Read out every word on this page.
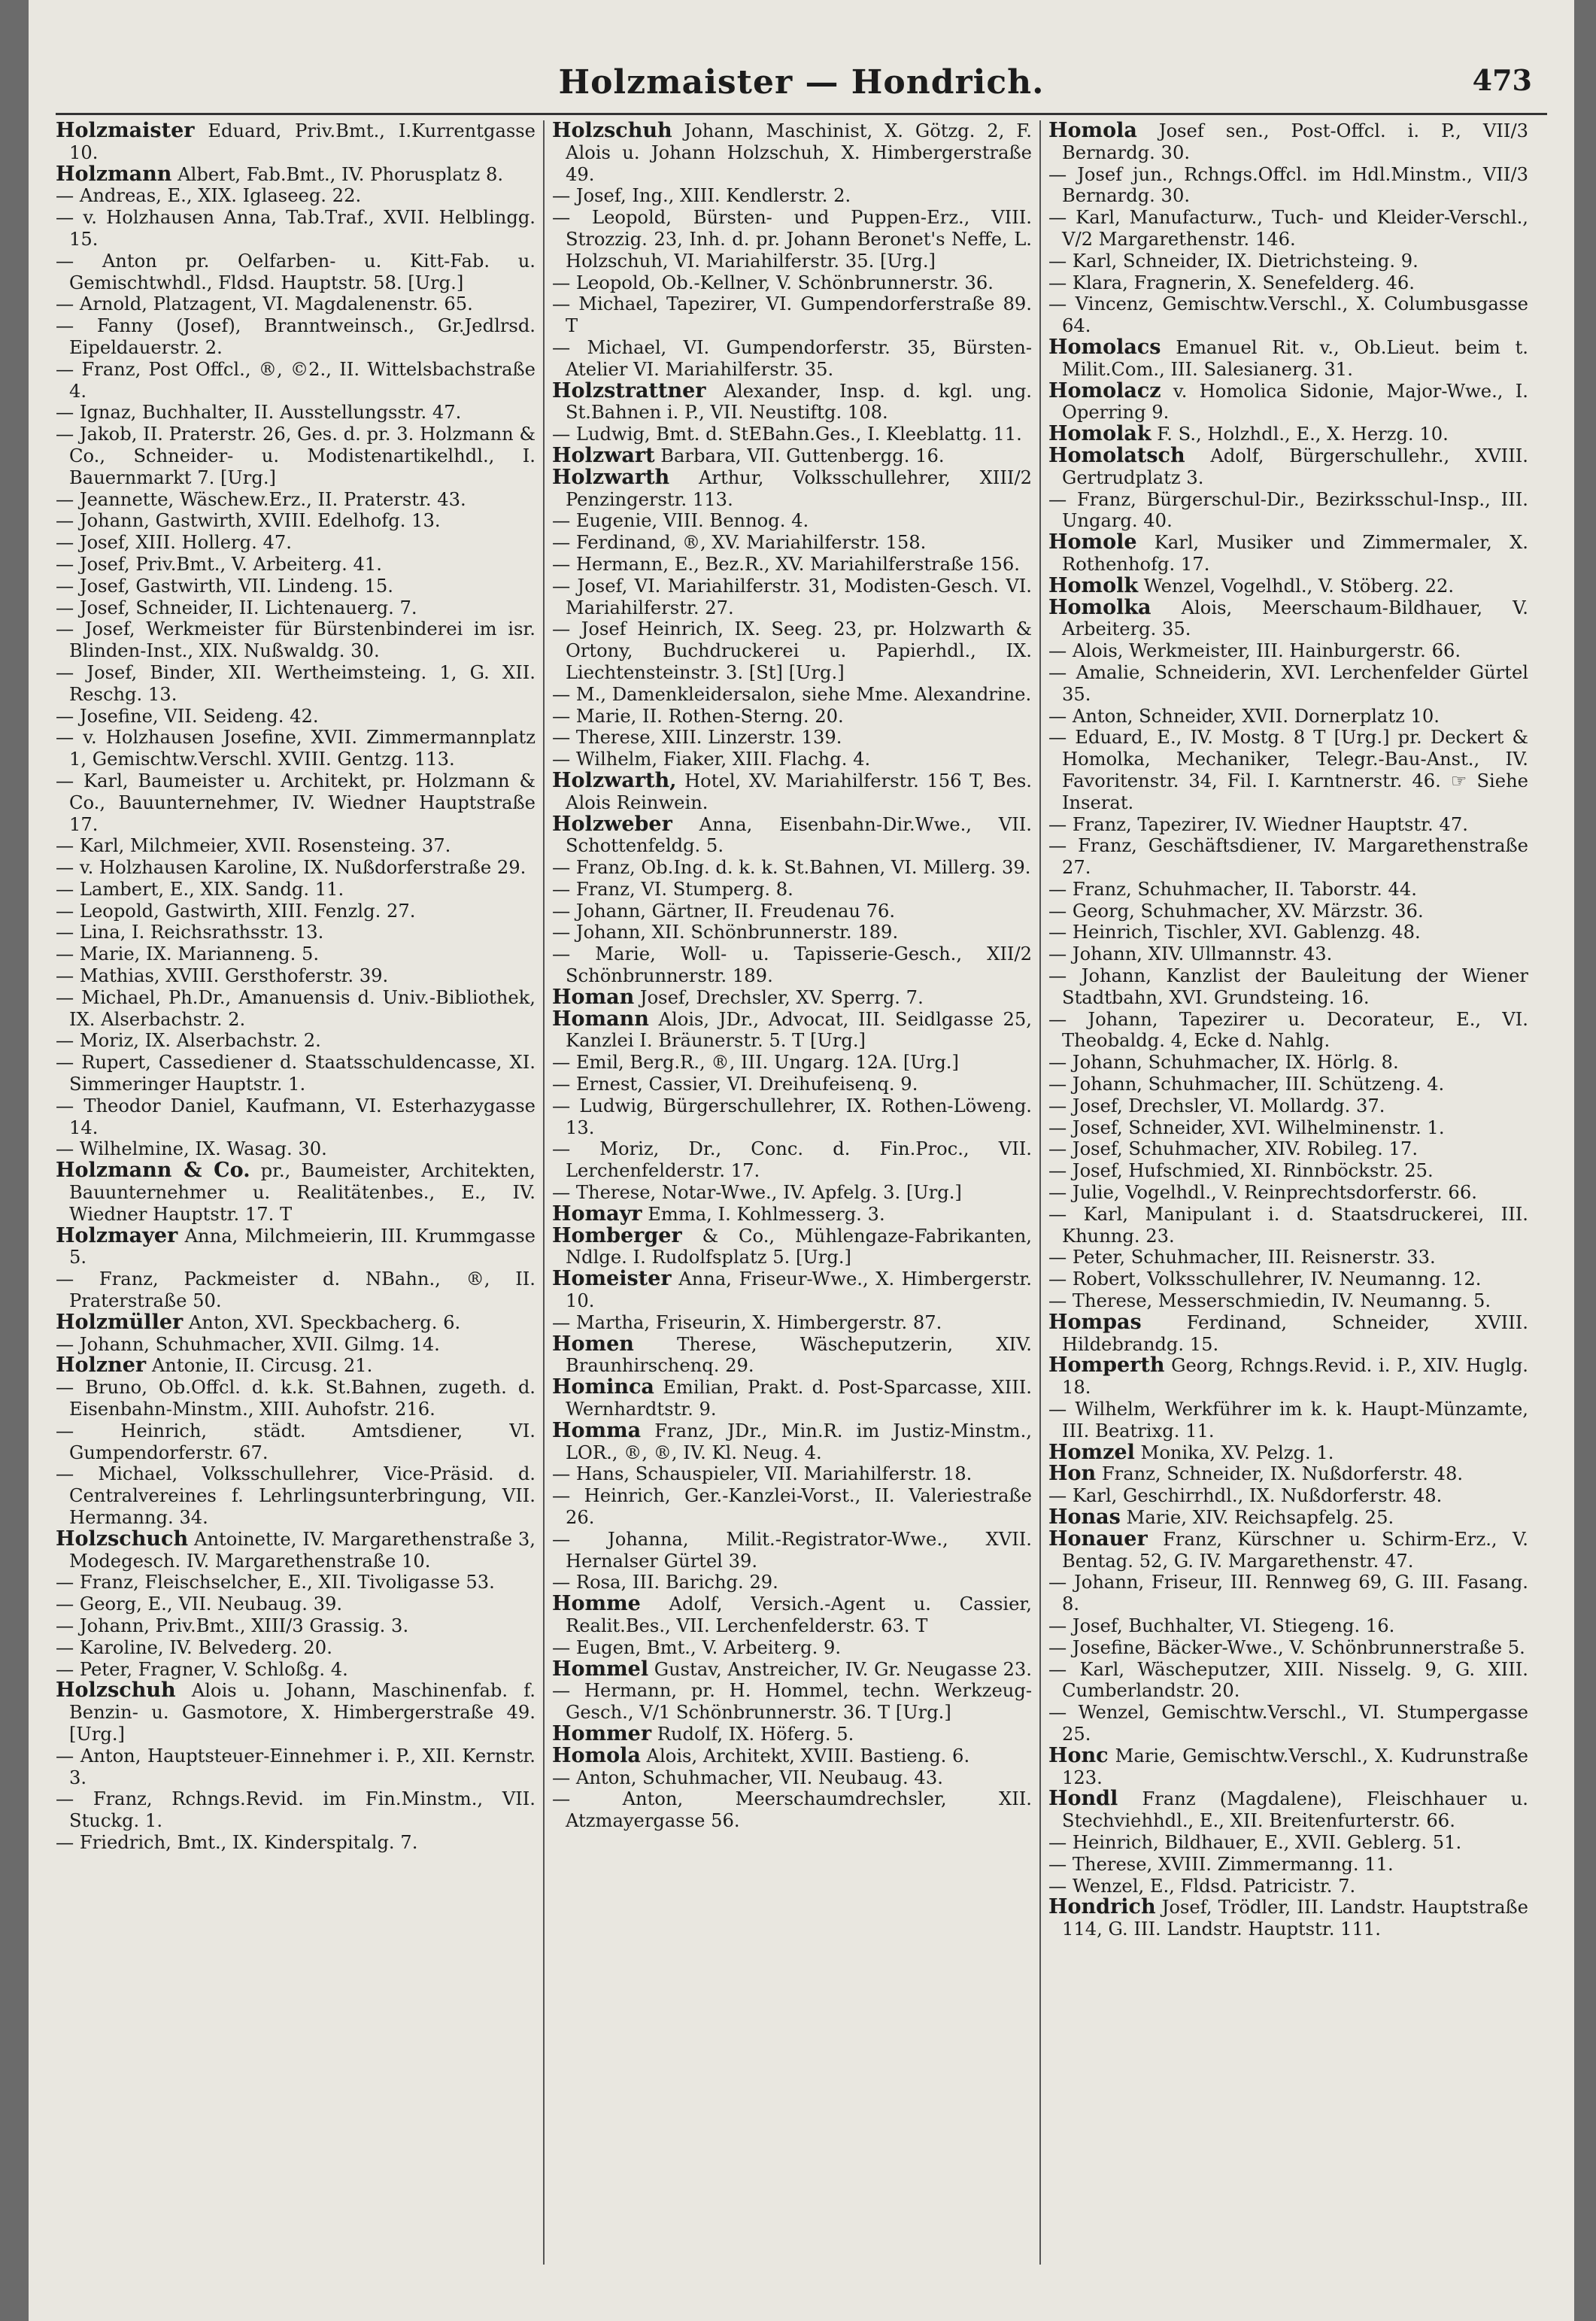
Holzmaister — Hondrich.	473

Holzmaister Eduard, Priv.Bmt., I.Kurrentgasse 10.

Holzmann Albert, Fab.Bmt., IV. Phorusplatz 8.

— Andreas, E., XIX. Iglaseeg. 22.

— v. Holzhausen Anna, Tab.Traf., XVII. Helblingg. 15.

— Anton pr. Oelfarben- u. Kitt-Fab. u. Gemischtwhdl., Fldsd. Hauptstr. 58. [Urg.]

— Arnold, Platzagent, VI. Magdalenenstr. 65.

— Fanny (Josef), Branntweinsch., Gr.Jedlrsd. Eipeldauerstr. 2.

— Franz, Post Offcl., ®, ©2., II. Wittelsbachstraße 4.

— Ignaz, Buchhalter, II. Ausstellungsstr. 47.

— Jakob, II. Praterstr. 26, Ges. d. pr. 3. Holzmann & Co., Schneider- u. Modistenartikelhdl., I. Bauernmarkt 7. [Urg.]

— Jeannette, Wäschew.Erz., II. Praterstr. 43.

— Johann, Gastwirth, XVIII. Edelhofg. 13.

— Josef, XIII. Hollerg. 47.

— Josef, Priv.Bmt., V. Arbeiterg. 41.

— Josef, Gastwirth, VII. Lindeng. 15.

— Josef, Schneider, II. Lichtenauerg. 7.

— Josef, Werkmeister für Bürstenbinderei im isr. Blinden-Inst., XIX. Nußwaldg. 30.

— Josef, Binder, XII. Wertheimsteing. 1, G. XII. Reschg. 13.

— Josefine, VII. Seideng. 42.

— v. Holzhausen Josefine, XVII. Zimmermannplatz 1, Gemischtw.Verschl. XVIII. Gentzg. 113.

— Karl, Baumeister u. Architekt, pr. Holzmann & Co., Bauunternehmer, IV. Wiedner Hauptstraße 17.

— Karl, Milchmeier, XVII. Rosensteing. 37.

— v. Holzhausen Karoline, IX. Nußdorferstraße 29.

— Lambert, E., XIX. Sandg. 11.

— Leopold, Gastwirth, XIII. Fenzlg. 27.

— Lina, I. Reichsrathsstr. 13.

— Marie, IX. Marianneng. 5.

— Mathias, XVIII. Gersthoferstr. 39.

— Michael, Ph.Dr., Amanuensis d. Univ.-Bibliothek, IX. Alserbachstr. 2.

— Moriz, IX. Alserbachstr. 2.

— Rupert, Cassediener d. Staatsschuldencasse, XI. Simmeringer Hauptstr. 1.

— Theodor Daniel, Kaufmann, VI. Esterhazygasse 14.

— Wilhelmine, IX. Wasag. 30.

Holzmann & Co. pr., Baumeister, Architekten, Bauunternehmer u. Realitätenbes., E., IV. Wiedner Hauptstr. 17. T

Holzmayer Anna, Milchmeierin, III. Krummgasse 5.

— Franz, Packmeister d. NBahn., ®, II. Praterstraße 50.

Holzmüller Anton, XVI. Speckbacherg. 6.

— Johann, Schuhmacher, XVII. Gilmg. 14.

Holzner Antonie, II. Circusg. 21.

— Bruno, Ob.Offcl. d. k.k. St.Bahnen, zugeth. d. Eisenbahn-Minstm., XIII. Auhofstr. 216.

— Heinrich, städt. Amtsdiener, VI. Gumpendorferstr. 67.

— Michael, Volksschullehrer, Vice-Präsid. d. Centralvereines f. Lehrlingsunterbringung, VII. Hermanng. 34.

Holzschuch Antoinette, IV. Margarethenstraße 3, Modegesch. IV. Margarethenstraße 10.

— Franz, Fleischselcher, E., XII. Tivoligasse 53.

— Georg, E., VII. Neubaug. 39.

— Johann, Priv.Bmt., XIII/3 Grassig. 3.

— Karoline, IV. Belvederg. 20.

— Peter, Fragner, V. Schloßg. 4.

Holzschuh Alois u. Johann, Maschinenfab. f. Benzin- u. Gasmotore, X. Himbergerstraße 49. [Urg.]

— Anton, Hauptsteuer-Einnehmer i. P., XII. Kernstr. 3.

— Franz, Rchngs.Revid. im Fin.Minstm., VII. Stuckg. 1.

— Friedrich, Bmt., IX. Kinderspitalg. 7.

Holzschuh Johann, Maschinist, X. Götzg. 2, F. Alois u. Johann Holzschuh, X. Himbergerstraße 49.

— Josef, Ing., XIII. Kendlerstr. 2.

— Leopold, Bürsten- und Puppen-Erz., VIII. Strozzig. 23, Inh. d. pr. Johann Beronet's Neffe, L. Holzschuh, VI. Mariahilferstr. 35. [Urg.]

— Leopold, Ob.-Kellner, V. Schönbrunnerstr. 36.

— Michael, Tapezirer, VI. Gumpendorferstraße 89. T

— Michael, VI. Gumpendorferstr. 35, Bürsten-Atelier VI. Mariahilferstr. 35.

Holzstrattner Alexander, Insp. d. kgl. ung. St.Bahnen i. P., VII. Neustiftg. 108.

— Ludwig, Bmt. d. StEBahn.Ges., I. Kleeblattg. 11.

Holzwart Barbara, VII. Guttenbergg. 16.

Holzwarth Arthur, Volksschullehrer, XIII/2 Penzingerstr. 113.

— Eugenie, VIII. Bennog. 4.

— Ferdinand, ®, XV. Mariahilferstr. 158.

— Hermann, E., Bez.R., XV. Mariahilferstraße 156.

— Josef, VI. Mariahilferstr. 31, Modisten-Gesch. VI. Mariahilferstr. 27.

— Josef Heinrich, IX. Seeg. 23, pr. Holzwarth & Ortony, Buchdruckerei u. Papierhdl., IX. Liechtensteinstr. 3. [St] [Urg.]

— M., Damenkleidersalon, siehe Mme. Alexandrine.

— Marie, II. Rothen-Sterng. 20.

— Therese, XIII. Linzerstr. 139.

— Wilhelm, Fiaker, XIII. Flachg. 4.

Holzwarth, Hotel, XV. Mariahilferstr. 156 T, Bes. Alois Reinwein.

Holzweber Anna, Eisenbahn-Dir.Wwe., VII. Schottenfeldg. 5.

— Franz, Ob.Ing. d. k. k. St.Bahnen, VI. Millerg. 39.

— Franz, VI. Stumperg. 8.

— Johann, Gärtner, II. Freudenau 76.

— Johann, XII. Schönbrunnerstr. 189.

— Marie, Woll- u. Tapisserie-Gesch., XII/2 Schönbrunnerstr. 189.

Homan Josef, Drechsler, XV. Sperrg. 7.

Homann Alois, JDr., Advocat, III. Seidlgasse 25, Kanzlei I. Bräunerstr. 5. T [Urg.]

— Emil, Berg.R., ®, III. Ungarg. 12A. [Urg.]

— Ernest, Cassier, VI. Dreihufeisenq. 9.

— Ludwig, Bürgerschullehrer, IX. Rothen-Löweng. 13.

— Moriz, Dr., Conc. d. Fin.Proc., VII. Lerchenfelderstr. 17.

— Therese, Notar-Wwe., IV. Apfelg. 3. [Urg.]

Homayr Emma, I. Kohlmesserg. 3.

Homberger & Co., Mühlengaze-Fabrikanten, Ndlge. I. Rudolfsplatz 5. [Urg.]

Homeister Anna, Friseur-Wwe., X. Himbergerstr. 10.

— Martha, Friseurin, X. Himbergerstr. 87.

Homen Therese, Wäscheputzerin, XIV. Braunhirschenq. 29.

Hominca Emilian, Prakt. d. Post-Sparcasse, XIII. Wernhardtstr. 9.

Homma Franz, JDr., Min.R. im Justiz-Minstm., LOR., ®, ®, IV. Kl. Neug. 4.

— Hans, Schauspieler, VII. Mariahilferstr. 18.

— Heinrich, Ger.-Kanzlei-Vorst., II. Valeriestraße 26.

— Johanna, Milit.-Registrator-Wwe., XVII. Hernalser Gürtel 39.

— Rosa, III. Barichg. 29.

Homme Adolf, Versich.-Agent u. Cassier, Realit.Bes., VII. Lerchenfelderstr. 63. T

— Eugen, Bmt., V. Arbeiterg. 9.

Hommel Gustav, Anstreicher, IV. Gr. Neugasse 23.

— Hermann, pr. H. Hommel, techn. Werkzeug-Gesch., V/1 Schönbrunnerstr. 36. T [Urg.]

Hommer Rudolf, IX. Höferg. 5.

Homola Alois, Architekt, XVIII. Bastieng. 6.

— Anton, Schuhmacher, VII. Neubaug. 43.

— Anton, Meerschaumdrechsler, XII. Atzmayergasse 56.

Homola Josef sen., Post-Offcl. i. P., VII/3 Bernardg. 30.

— Josef jun., Rchngs.Offcl. im Hdl.Minstm., VII/3 Bernardg. 30.

— Karl, Manufacturw., Tuch- und Kleider-Verschl., V/2 Margarethenstr. 146.

— Karl, Schneider, IX. Dietrichsteing. 9.

— Klara, Fragnerin, X. Senefelderg. 46.

— Vincenz, Gemischtw.Verschl., X. Columbusgasse 64.

Homolacs Emanuel Rit. v., Ob.Lieut. beim t. Milit.Com., III. Salesianerg. 31.

Homolacz v. Homolica Sidonie, Major-Wwe., I. Operring 9.

Homolak F. S., Holzhdl., E., X. Herzg. 10.

Homolatsch Adolf, Bürgerschullehr., XVIII. Gertrudplatz 3.

— Franz, Bürgerschul-Dir., Bezirksschul-Insp., III. Ungarg. 40.

Homole Karl, Musiker und Zimmermaler, X. Rothenhofg. 17.

Homolk Wenzel, Vogelhdl., V. Stöberg. 22.

Homolka Alois, Meerschaum-Bildhauer, V. Arbeiterg. 35.

— Alois, Werkmeister, III. Hainburgerstr. 66.

— Amalie, Schneiderin, XVI. Lerchenfelder Gürtel 35.

— Anton, Schneider, XVII. Dornerplatz 10.

— Eduard, E., IV. Mostg. 8 T [Urg.] pr. Deckert & Homolka, Mechaniker, Telegr.-Bau-Anst., IV. Favoritenstr. 34, Fil. I. Karntnerstr. 46. ☞ Siehe Inserat.

— Franz, Tapezirer, IV. Wiedner Hauptstr. 47.

— Franz, Geschäftsdiener, IV. Margarethenstraße 27.

— Franz, Schuhmacher, II. Taborstr. 44.

— Georg, Schuhmacher, XV. Märzstr. 36.

— Heinrich, Tischler, XVI. Gablenzg. 48.

— Johann, XIV. Ullmannstr. 43.

— Johann, Kanzlist der Bauleitung der Wiener Stadtbahn, XVI. Grundsteing. 16.

— Johann, Tapezirer u. Decorateur, E., VI. Theobaldg. 4, Ecke d. Nahlg.

— Johann, Schuhmacher, IX. Hörlg. 8.

— Johann, Schuhmacher, III. Schützeng. 4.

— Josef, Drechsler, VI. Mollardg. 37.

— Josef, Schneider, XVI. Wilhelminenstr. 1.

— Josef, Schuhmacher, XIV. Robileg. 17.

— Josef, Hufschmied, XI. Rinnböckstr. 25.

— Julie, Vogelhdl., V. Reinprechtsdorferstr. 66.

— Karl, Manipulant i. d. Staatsdruckerei, III. Khunng. 23.

— Peter, Schuhmacher, III. Reisnerstr. 33.

— Robert, Volksschullehrer, IV. Neumanng. 12.

— Therese, Messerschmiedin, IV. Neumanng. 5.

Hompas Ferdinand, Schneider, XVIII. Hildebrandg. 15.

Homperth Georg, Rchngs.Revid. i. P., XIV. Huglg. 18.

— Wilhelm, Werkführer im k. k. Haupt-Münzamte, III. Beatrixg. 11.

Homzel Monika, XV. Pelzg. 1.

Hon Franz, Schneider, IX. Nußdorferstr. 48.

— Karl, Geschirrhdl., IX. Nußdorferstr. 48.

Honas Marie, XIV. Reichsapfelg. 25.

Honauer Franz, Kürschner u. Schirm-Erz., V. Bentag. 52, G. IV. Margarethenstr. 47.

— Johann, Friseur, III. Rennweg 69, G. III. Fasang. 8.

— Josef, Buchhalter, VI. Stiegeng. 16.

— Josefine, Bäcker-Wwe., V. Schönbrunnerstraße 5.

— Karl, Wäscheputzer, XIII. Nisselg. 9, G. XIII. Cumberlandstr. 20.

— Wenzel, Gemischtw.Verschl., VI. Stumpergasse 25.

Honc Marie, Gemischtw.Verschl., X. Kudrunstraße 123.

Hondl Franz (Magdalene), Fleischhauer u. Stechviehhdl., E., XII. Breitenfurterstr. 66.

— Heinrich, Bildhauer, E., XVII. Geblerg. 51.

— Therese, XVIII. Zimmermanng. 11.

— Wenzel, E., Fldsd. Patricistr. 7.

Hondrich Josef, Trödler, III. Landstr. Hauptstraße 114, G. III. Landstr. Hauptstr. 111.
